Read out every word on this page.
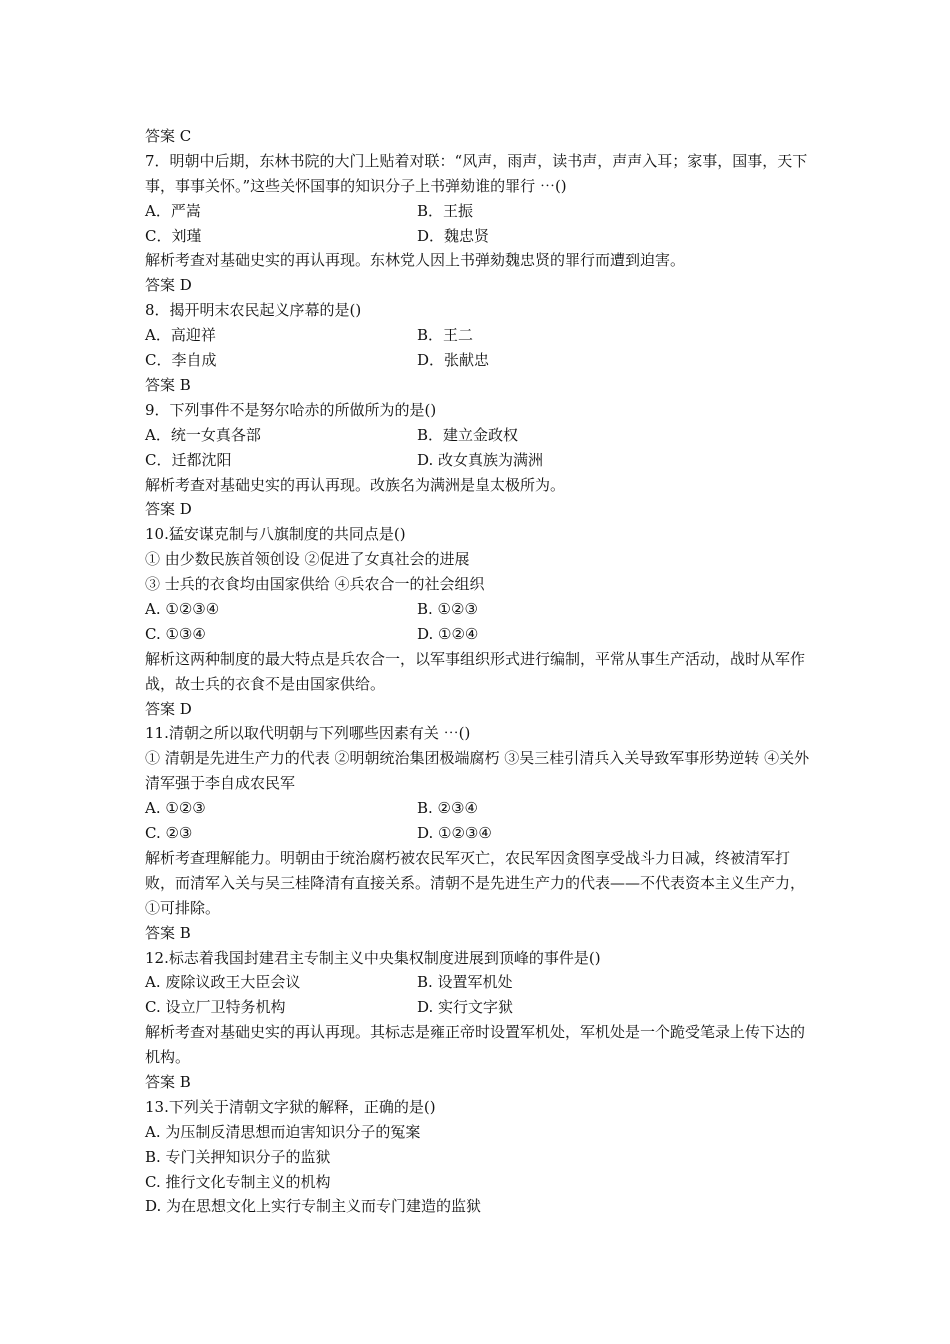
答案 C
7．明朝中后期，东林书院的大门上贴着对联：“风声，雨声，读书声，声声入耳；家事，国事，天下事，事事关怀。”这些关怀国事的知识分子上书弹劾谁的罪行 ⋯()
A．严嵩	B．王振
C．刘瑾	D．魏忠贤
解析考查对基础史实的再认再现。东林党人因上书弹劾魏忠贤的罪行而遭到迫害。
答案 D
8．揭开明末农民起义序幕的是()
A．高迎祥	B．王二
C．李自成	D．张献忠
答案 B
9．下列事件不是努尔哈赤的所做所为的是()
A．统一女真各部	B．建立金政权
C．迁都沈阳	D. 改女真族为满洲
解析考查对基础史实的再认再现。改族名为满洲是皇太极所为。
答案 D
10.猛安谋克制与八旗制度的共同点是()
① 由少数民族首领创设 ②促进了女真社会的进展
③ 士兵的衣食均由国家供给 ④兵农合一的社会组织
A. ①②③④	B. ①②③
C. ①③④	D. ①②④
解析这两种制度的最大特点是兵农合一，以军事组织形式进行编制，平常从事生产活动，战时从军作战，故士兵的衣食不是由国家供给。
答案 D
11.清朝之所以取代明朝与下列哪些因素有关 ⋯()
① 清朝是先进生产力的代表 ②明朝统治集团极端腐朽 ③吴三桂引清兵入关导致军事形势逆转 ④关外清军强于李自成农民军
A. ①②③	B. ②③④
C. ②③	D. ①②③④
解析考查理解能力。明朝由于统治腐朽被农民军灭亡，农民军因贪图享受战斗力日减，终被清军打败，而清军入关与吴三桂降清有直接关系。清朝不是先进生产力的代表——不代表资本主义生产力，①可排除。
答案 B
12.标志着我国封建君主专制主义中央集权制度进展到顶峰的事件是()
A. 废除议政王大臣会议	B. 设置军机处
C. 设立厂卫特务机构	D. 实行文字狱
解析考查对基础史实的再认再现。其标志是雍正帝时设置军机处，军机处是一个跪受笔录上传下达的机构。
答案 B
13.下列关于清朝文字狱的解释，正确的是()
A. 为压制反清思想而迫害知识分子的冤案
B. 专门关押知识分子的监狱
C. 推行文化专制主义的机构
D. 为在思想文化上实行专制主义而专门建造的监狱
